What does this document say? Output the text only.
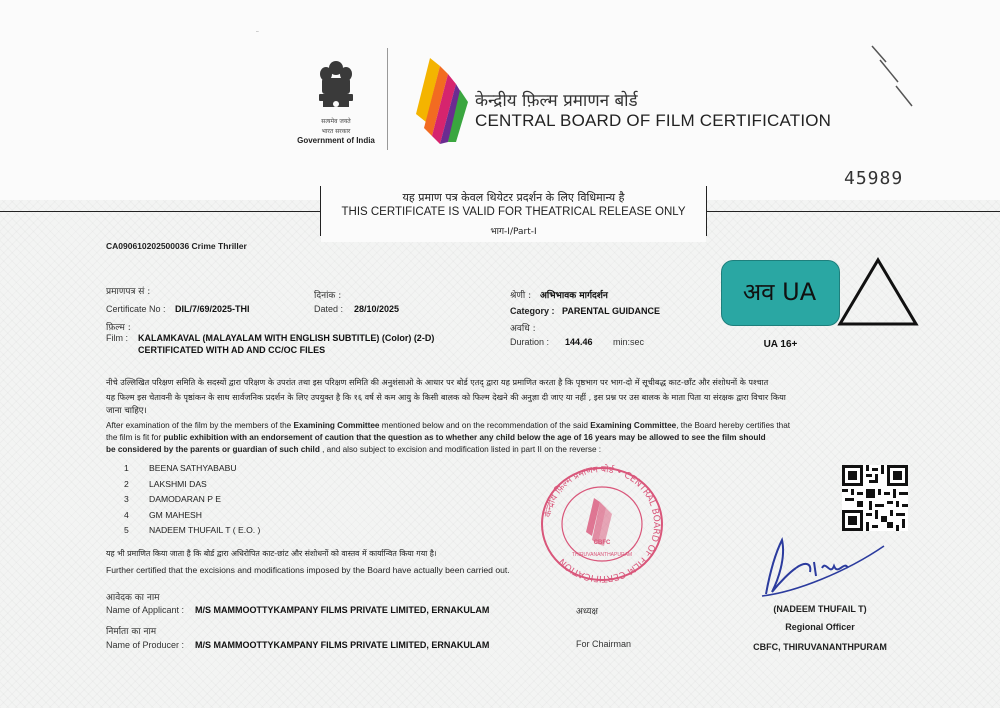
सत्यमेव जयते
भारत सरकार
Government of India
केन्द्रीय फ़िल्म प्रमाणन बोर्ड
CENTRAL BOARD OF FILM CERTIFICATION
45989
यह प्रमाण पत्र केवल थियेटर प्रदर्शन के लिए विधिमान्य है
THIS CERTIFICATE IS VALID FOR THEATRICAL RELEASE ONLY
भाग-I/Part-I
CA090610202500036 Crime Thriller
प्रमाणपत्र सं :
Certificate No : DIL/7/69/2025-THI
दिनांक :
Dated : 28/10/2025
श्रेणी : अभिभावक मार्गदर्शन
Category : PARENTAL GUIDANCE
फ़िल्म :
Film : KALAMKAVAL (MALAYALAM WITH ENGLISH SUBTITLE) (Color) (2-D)
CERTIFICATED WITH AD AND CC/OC FILES
अवधि :
Duration : 144.46 min:sec
अव UA
UA 16+
नीचे उल्लिखित परिक्षण समिति के सदस्यों द्वारा परिक्षण के उपरांत तथा इस परिक्षण समिति की अनुशंसाओ के आधार पर बोर्ड एतद् द्वारा यह प्रमाणित करता है कि पृष्ठभाग पर भाग-दो में सूचीबद्ध काट-छाँट और संशोधनों के पश्चात
यह फिल्म इस चेतावनी के पृष्ठांकन के साथ सार्वजनिक प्रदर्शन के लिए उपयुक्त है कि १६ वर्ष से कम आयु के किसी बालक को फिल्म देखने की अनुज्ञा दी जाए या नहीं , इस प्रश्न पर उस बालक के माता पिता या संरक्षक द्वारा विचार किया
जाना चाहिए।
After examination of the film by the members of the Examining Committee mentioned below and on the recommendation of the said Examining Committee, the Board hereby certifies that
the film is fit for public exhibition with an endorsement of caution that the question as to whether any child below the age of 16 years may be allowed to see the film should
be considered by the parents or guardian of such child , and also subject to excision and modification listed in part II on the reverse :
1 BEENA SATHYABABU
2 LAKSHMI DAS
3 DAMODARAN P E
4 GM MAHESH
5 NADEEM THUFAIL T ( E.O. )
केन्द्रीय फ़िल्म प्रमाणन बोर्ड • CENTRAL BOARD OF FILM CERTIFICATION
CBFC
THIRUVANANTHAPURAM
यह भी प्रमाणित किया जाता है कि बोर्ड द्वारा अधिरोपित काट-छांट और संशोधनों को वास्तव में कार्यान्वित किया गया है।
Further certified that the excisions and modifications imposed by the Board have actually been carried out.
आवेदक का नाम
Name of Applicant : M/S MAMMOOTTYKAMPANY FILMS PRIVATE LIMITED, ERNAKULAM
निर्माता का नाम
Name of Producer : M/S MAMMOOTTYKAMPANY FILMS PRIVATE LIMITED, ERNAKULAM
अध्यक्ष
For Chairman
Ndum
(NADEEM THUFAIL T)
Regional Officer
CBFC, THIRUVANANTHPURAM
